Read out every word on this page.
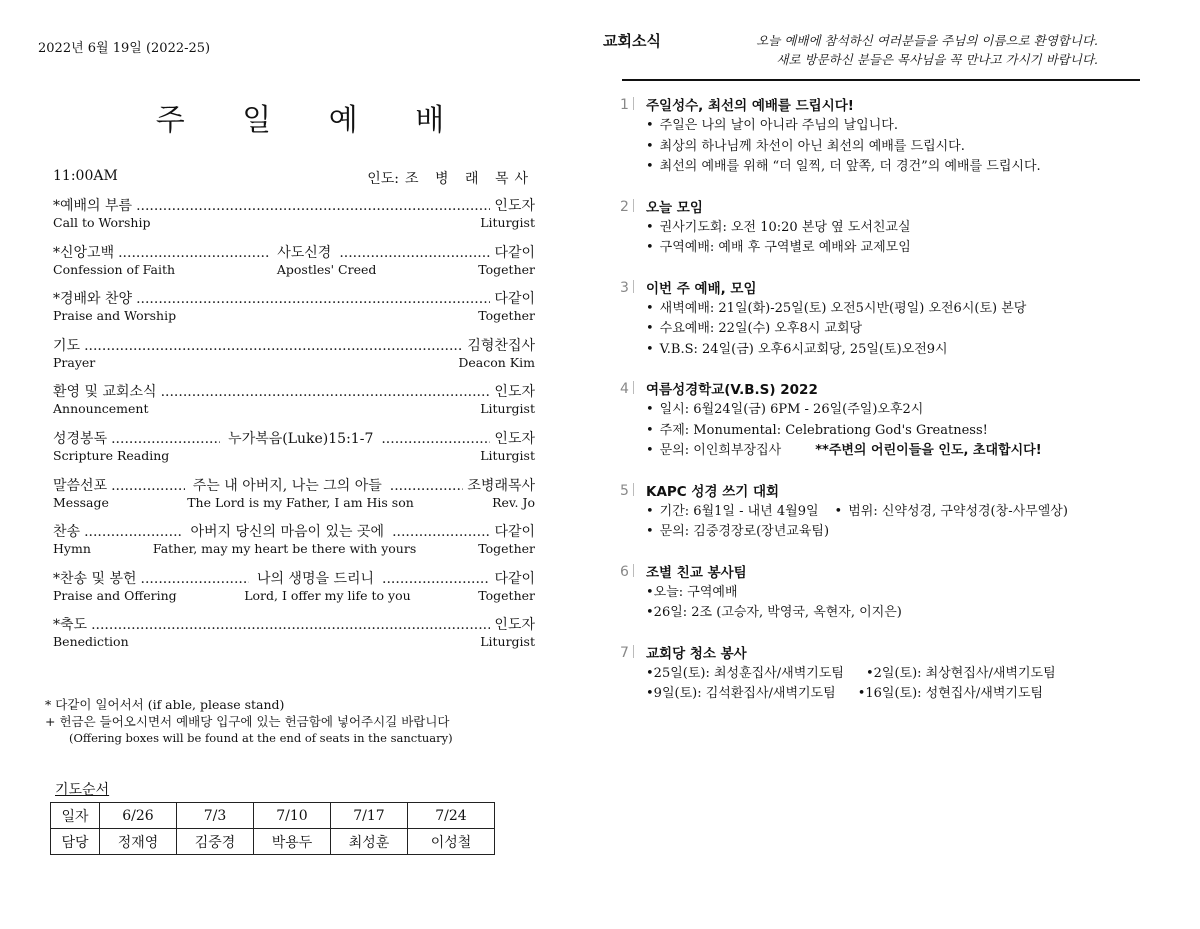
2022년 6월 19일 (2022-25)
주 일 예 배
11:00AM	인도: 조 병 래 목사
*예배의 부름 .....	인도자
Call to Worship	Liturgist
*신앙고백 .....	사도신경 .....	다같이
Confession of Faith	Apostles' Creed	Together
*경배와 찬양 .....	다같이
Praise and Worship	Together
기도 .....	김형찬집사
Prayer	Deacon Kim
환영 및 교회소식 .....	인도자
Announcement	Liturgist
성경봉독 .....	누가복음(Luke)15:1-7 .....	인도자
Scripture Reading	Liturgist
말씀선포 .....	주는 내 아버지, 나는 그의 아들 .....	조병래목사
Message	The Lord is my Father, I am His son	Rev. Jo
찬송 .....	아버지 당신의 마음이 있는 곳에 .....	다같이
Hymn	Father, may my heart be there with yours	Together
*찬송 및 봉헌 .....	나의 생명을 드리니 .....	다같이
Praise and Offering	Lord, I offer my life to you	Together
*축도 .....	인도자
Benediction	Liturgist
* 다같이 일어서서 (if able, please stand)
+ 헌금은 들어오시면서 예배당 입구에 있는 헌금함에 넣어주시길 바랍니다
(Offering boxes will be found at the end of seats in the sanctuary)
기도순서
일자	6/26	7/3	7/10	7/17	7/24
담당	정재영	김중경	박용두	최성훈	이성철
교회소식	오늘 예배에 참석하신 여러분들을 주님의 이름으로 환영합니다.
새로 방문하신 분들은 목사님을 꼭 만나고 가시기 바랍니다.
1	주일성수, 최선의 예배를 드립시다!
• 주일은 나의 날이 아니라 주님의 날입니다.
• 최상의 하나님께 차선이 아닌 최선의 예배를 드립시다.
• 최선의 예배를 위해 “더 일찍, 더 앞쪽, 더 경건”의 예배를 드립시다.
2	오늘 모임
• 권사기도회: 오전 10:20 본당 옆 도서친교실
• 구역예배: 예배 후 구역별로 예배와 교제모임
3	이번 주 예배, 모임
• 새벽예배: 21일(화)-25일(토) 오전5시반(평일) 오전6시(토) 본당
• 수요예배: 22일(수) 오후8시 교회당
• V.B.S: 24일(금) 오후6시교회당, 25일(토)오전9시
4	여름성경학교(V.B.S) 2022
• 일시: 6월24일(금) 6PM - 26일(주일)오후2시
• 주제: Monumental: Celebrationg God's Greatness!
• 문의: 이인희부장집사	**주변의 어린이들을 인도, 초대합시다!
5	KAPC 성경 쓰기 대회
• 기간: 6월1일 - 내년 4월9일 • 범위: 신약성경, 구약성경(창-사무엘상)
• 문의: 김중경장로(장년교육팀)
6	조별 친교 봉사팀
•오늘: 구역예배
•26일: 2조 (고승자, 박영국, 옥현자, 이지은)
7	교회당 청소 봉사
•25일(토): 최성훈집사/새벽기도팀 •2일(토): 최상현집사/새벽기도팀
•9일(토): 김석환집사/새벽기도팀 •16일(토): 성현집사/새벽기도팀
